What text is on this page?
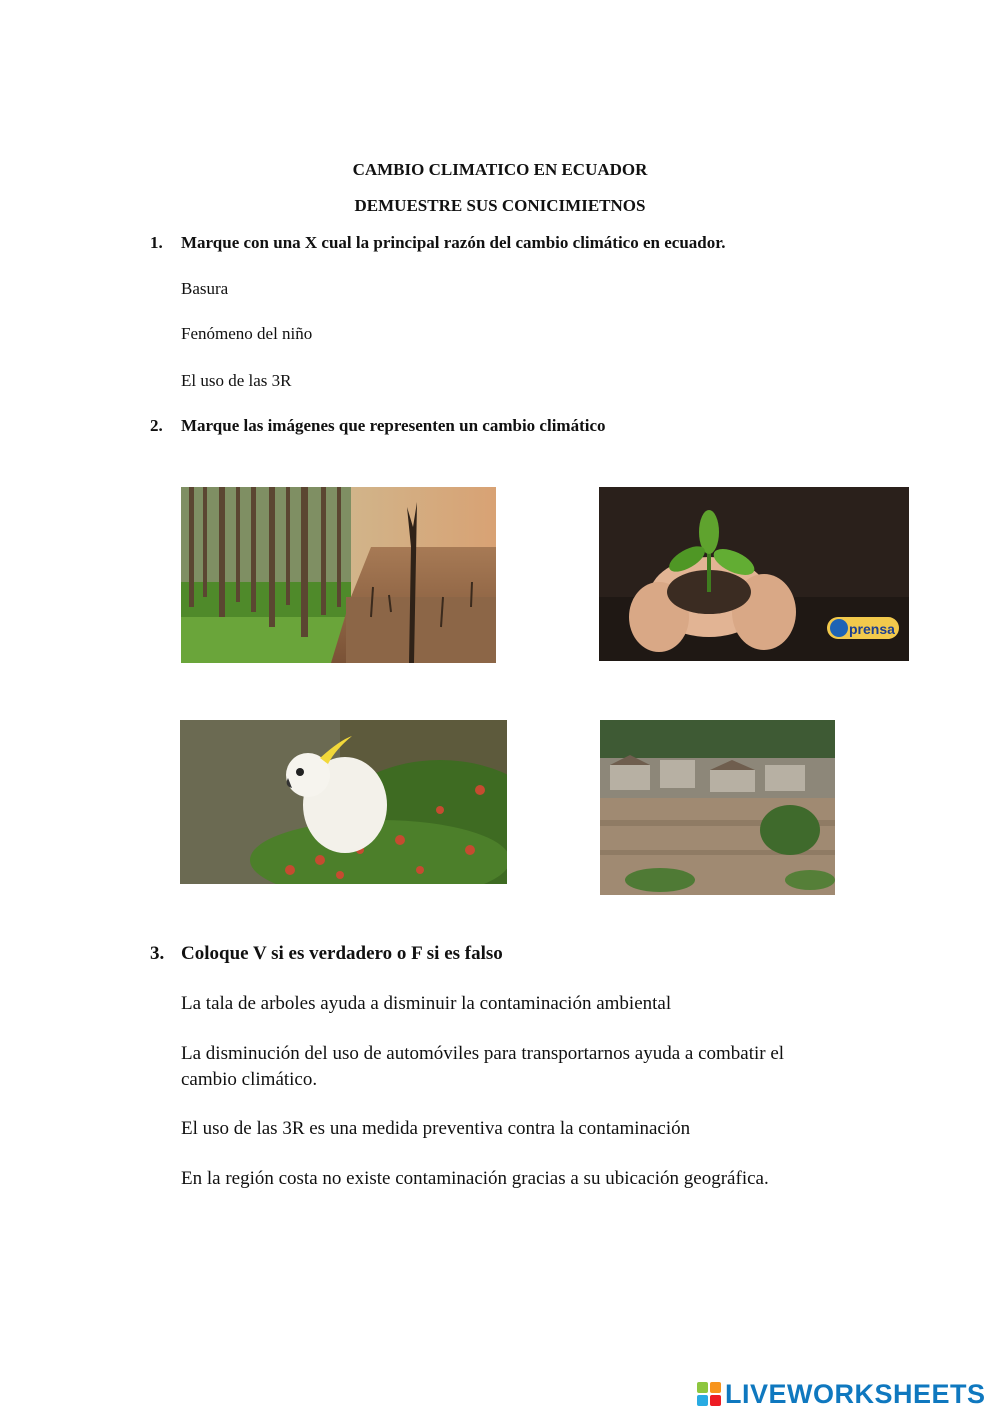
CAMBIO CLIMATICO EN ECUADOR
DEMUESTRE SUS CONICIMIETNOS
1. Marque con una X cual la principal razón del cambio climático en ecuador.
Basura
Fenómeno del niño
El uso de las 3R
2. Marque las imágenes que representen un cambio climático
prensa
3. Coloque V si es verdadero o F si es falso
La tala de arboles ayuda a disminuir la contaminación ambiental
La disminución del uso de automóviles para transportarnos ayuda a combatir el cambio climático.
El uso de las 3R es una medida preventiva contra la contaminación
En la región costa no existe contaminación gracias a su ubicación geográfica.
LIVEWORKSHEETS
